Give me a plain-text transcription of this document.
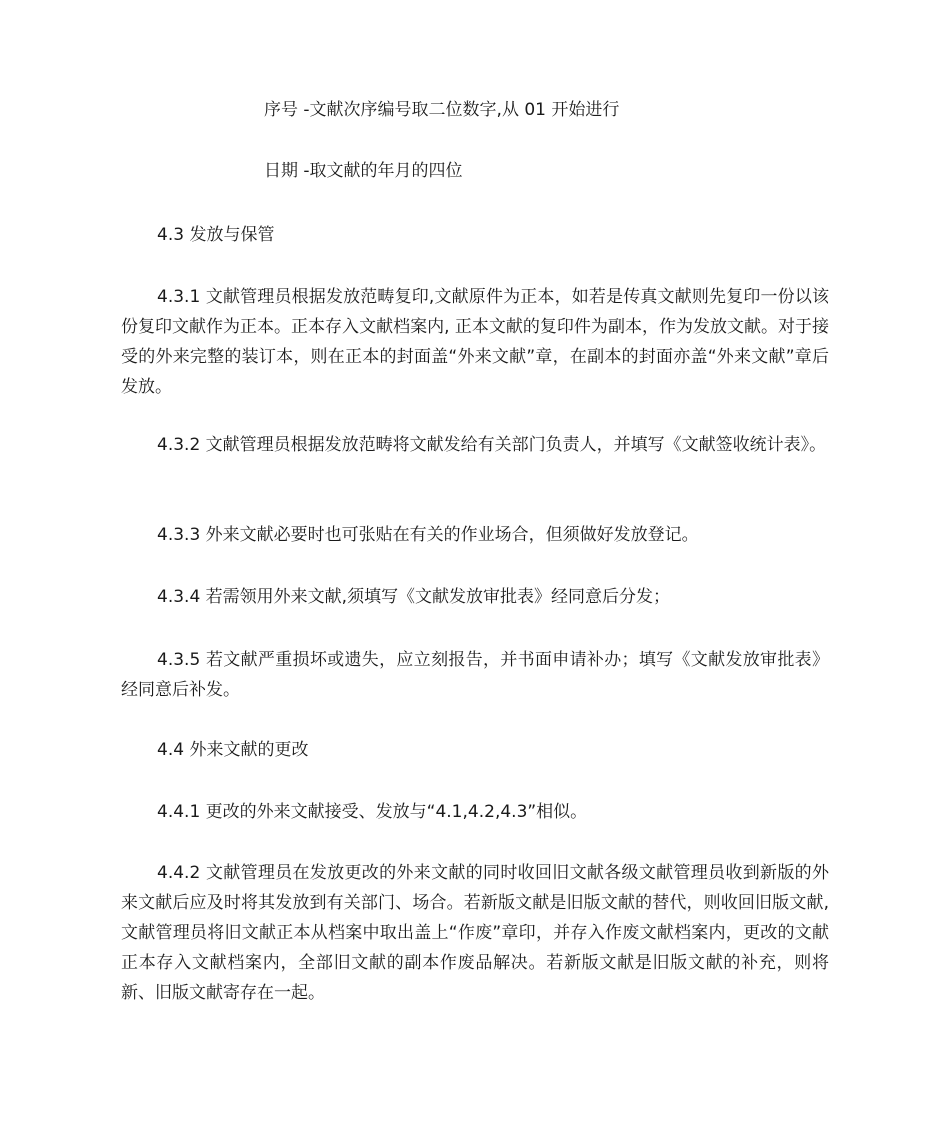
序号 -文献次序编号取二位数字,从 01 开始进行

日期 -取文献的年月的四位

4.3 发放与保管

4.3.1 文献管理员根据发放范畴复印,文献原件为正本，如若是传真文献则先复印一份以该份复印文献作为正本。正本存入文献档案内, 正本文献的复印件为副本，作为发放文献。对于接受的外来完整的装订本，则在正本的封面盖“外来文献”章，在副本的封面亦盖“外来文献”章后发放。

4.3.2 文献管理员根据发放范畴将文献发给有关部门负责人，并填写《文献签收统计表》。

4.3.3 外来文献必要时也可张贴在有关的作业场合，但须做好发放登记。

4.3.4 若需领用外来文献,须填写《文献发放审批表》经同意后分发；

4.3.5 若文献严重损坏或遗失，应立刻报告，并书面申请补办；填写《文献发放审批表》经同意后补发。

4.4 外来文献的更改

4.4.1 更改的外来文献接受、发放与“4.1,4.2,4.3”相似。

4.4.2 文献管理员在发放更改的外来文献的同时收回旧文献各级文献管理员收到新版的外来文献后应及时将其发放到有关部门、场合。若新版文献是旧版文献的替代，则收回旧版文献,文献管理员将旧文献正本从档案中取出盖上“作废”章印，并存入作废文献档案内，更改的文献正本存入文献档案内，全部旧文献的副本作废品解决。若新版文献是旧版文献的补充，则将新、旧版文献寄存在一起。
